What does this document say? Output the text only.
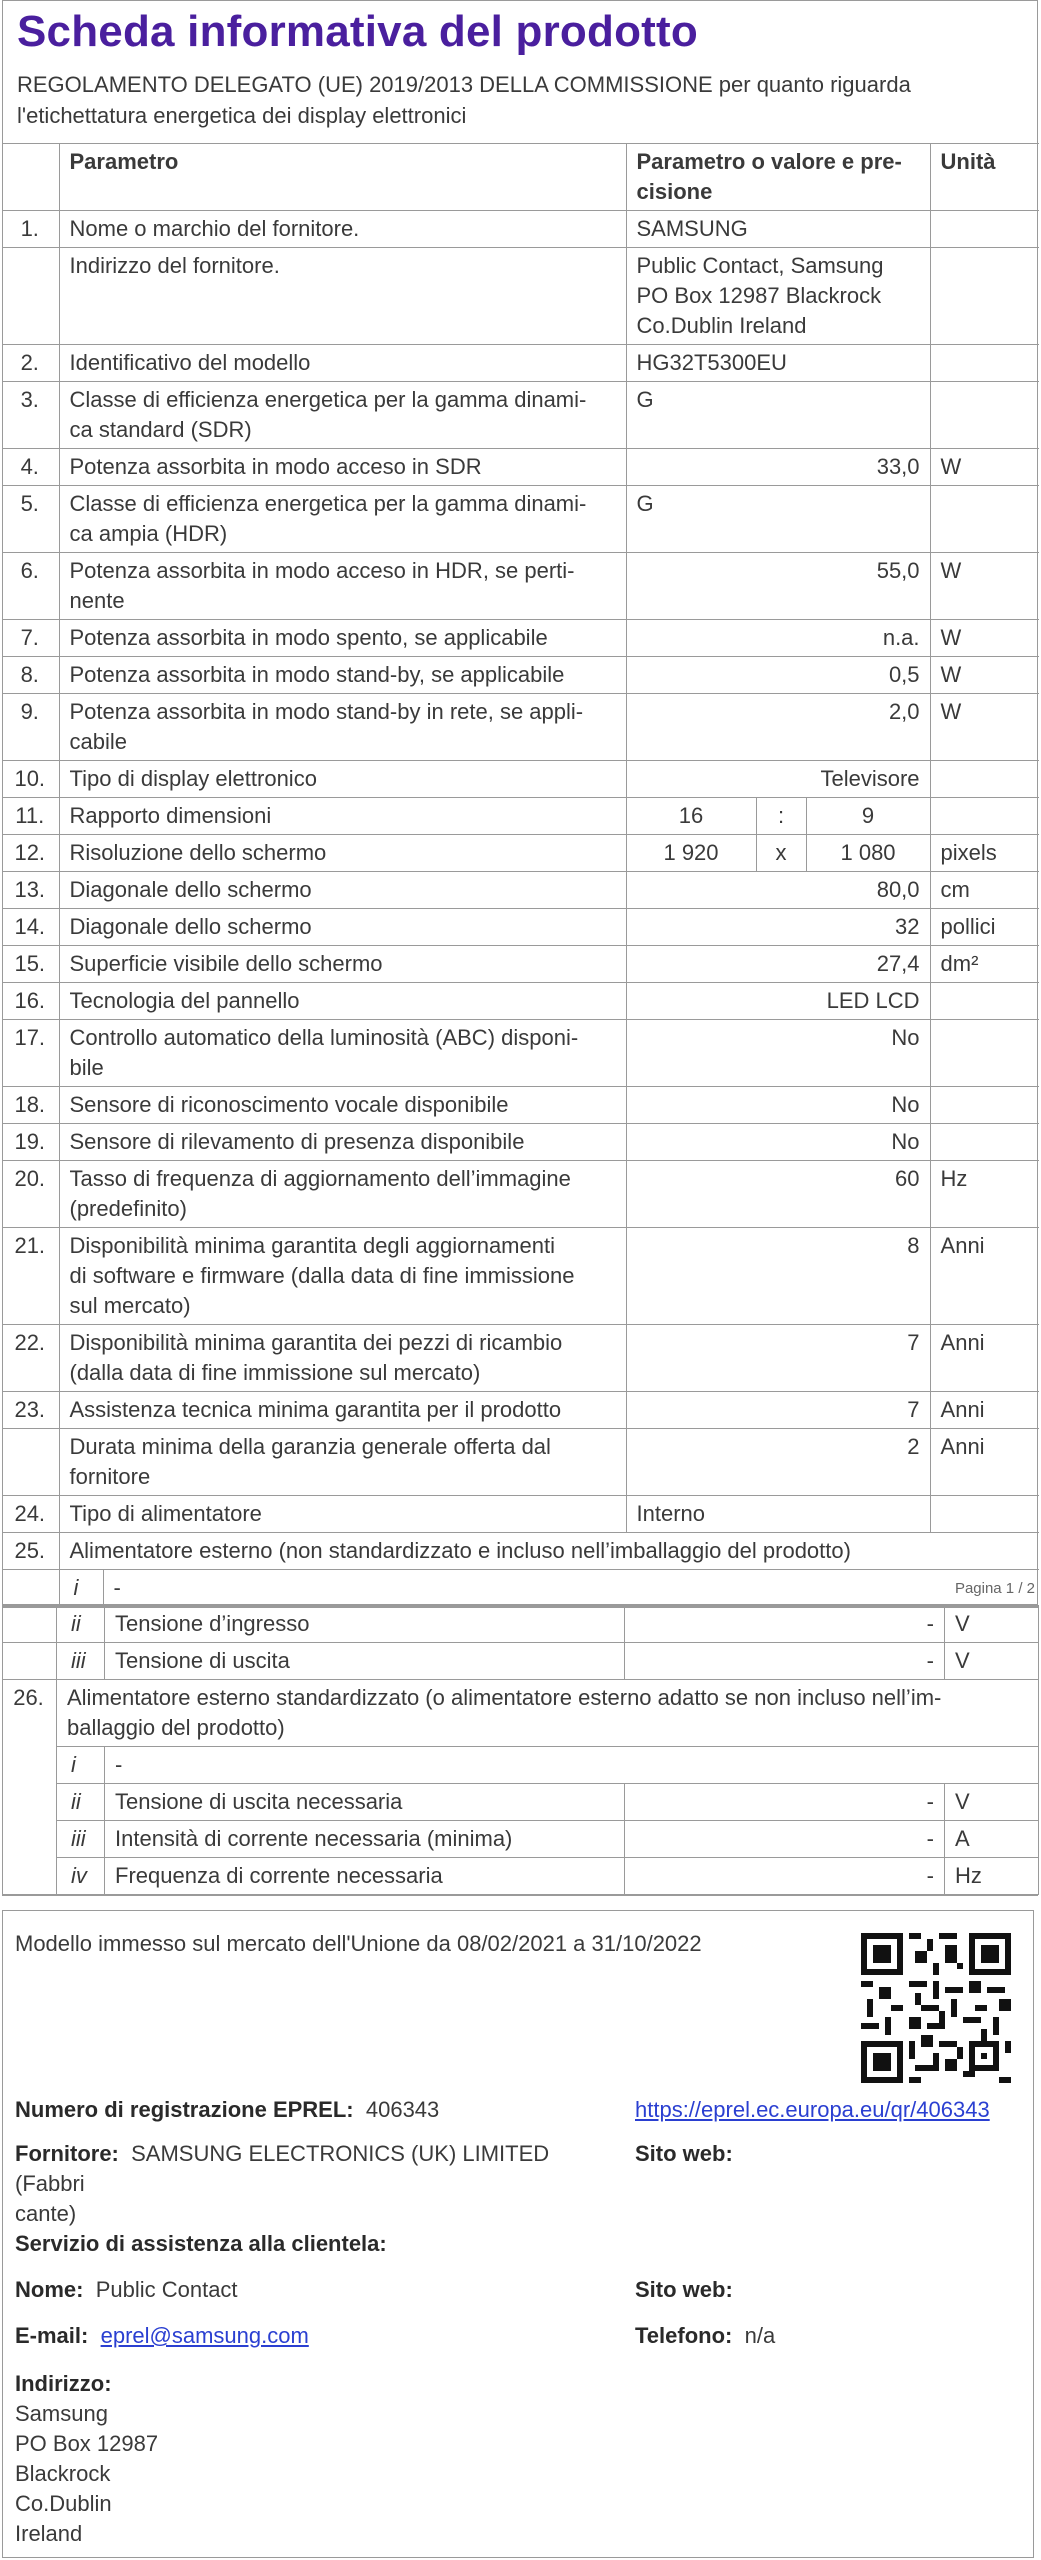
Scheda informativa del prodotto
REGOLAMENTO DELEGATO (UE) 2019/2013 DELLA COMMISSIONE per quanto riguarda
l'etichettatura energetica dei display elettronici
	Parametro		Parametro o valore e pre-
cisione			Unità
1.	Nome o marchio del fornitore.		SAMSUNG			
	Indirizzo del fornitore.		Public Contact, Samsung
PO Box 12987 Blackrock
Co.Dublin Ireland			
2.	Identificativo del modello		HG32T5300EU			
3.	Classe di efficienza energetica per la gamma dinami-
ca standard (SDR)		G			
4.	Potenza assorbita in modo acceso in SDR		33,0			W
5.	Classe di efficienza energetica per la gamma dinami-
ca ampia (HDR)		G			
6.	Potenza assorbita in modo acceso in HDR, se perti-
nente		55,0			W
7.	Potenza assorbita in modo spento, se applicabile		n.a.			W
8.	Potenza assorbita in modo stand-by, se applicabile		0,5			W
9.	Potenza assorbita in modo stand-by in rete, se appli-
cabile		2,0			W
10.	Tipo di display elettronico		Televisore			
11.	Rapporto dimensioni		16	:	9	
12.	Risoluzione dello schermo		1 920	x	1 080	pixels
13.	Diagonale dello schermo		80,0			cm
14.	Diagonale dello schermo		32			pollici
15.	Superficie visibile dello schermo		27,4			dm²
16.	Tecnologia del pannello		LED LCD			
17.	Controllo automatico della luminosità (ABC) disponi-
bile		No			
18.	Sensore di riconoscimento vocale disponibile		No			
19.	Sensore di rilevamento di presenza disponibile		No			
20.	Tasso di frequenza di aggiornamento dell’immagine
(predefinito)		60			Hz
21.	Disponibilità minima garantita degli aggiornamenti
di software e firmware (dalla data di fine immissione
sul mercato)		8			Anni
22.	Disponibilità minima garantita dei pezzi di ricambio
(dalla data di fine immissione sul mercato)		7			Anni
23.	Assistenza tecnica minima garantita per il prodotto		7			Anni
	Durata minima della garanzia generale offerta dal
fornitore		2			Anni
24.	Tipo di alimentatore		Interno			
25.	Alimentatore esterno (non standardizzato e incluso nell’imballaggio del prodotto)					
	i	-					Pagina 1 / 2
	ii	Tensione d’ingresso	-	V
	iii	Tensione di uscita	-	V
26.	Alimentatore esterno standardizzato (o alimentatore esterno adatto se non incluso nell’im-
ballaggio del prodotto)			
	i	-		
	ii	Tensione di uscita necessaria	-	V
	iii	Intensità di corrente necessaria (minima)	-	A
	iv	Frequenza di corrente necessaria	-	Hz
Modello immesso sul mercato dell'Unione da 08/02/2021 a 31/10/2022
Numero di registrazione EPREL: 406343	https://eprel.ec.europa.eu/qr/406343
Fornitore: SAMSUNG ELECTRONICS (UK) LIMITED (Fabbri
cante)
Sito web:
Servizio di assistenza alla clientela:
Nome: Public Contact	Sito web:
E-mail: eprel@samsung.com	Telefono: n/a
Indirizzo:
Samsung
PO Box 12987
Blackrock
Co.Dublin
Ireland
